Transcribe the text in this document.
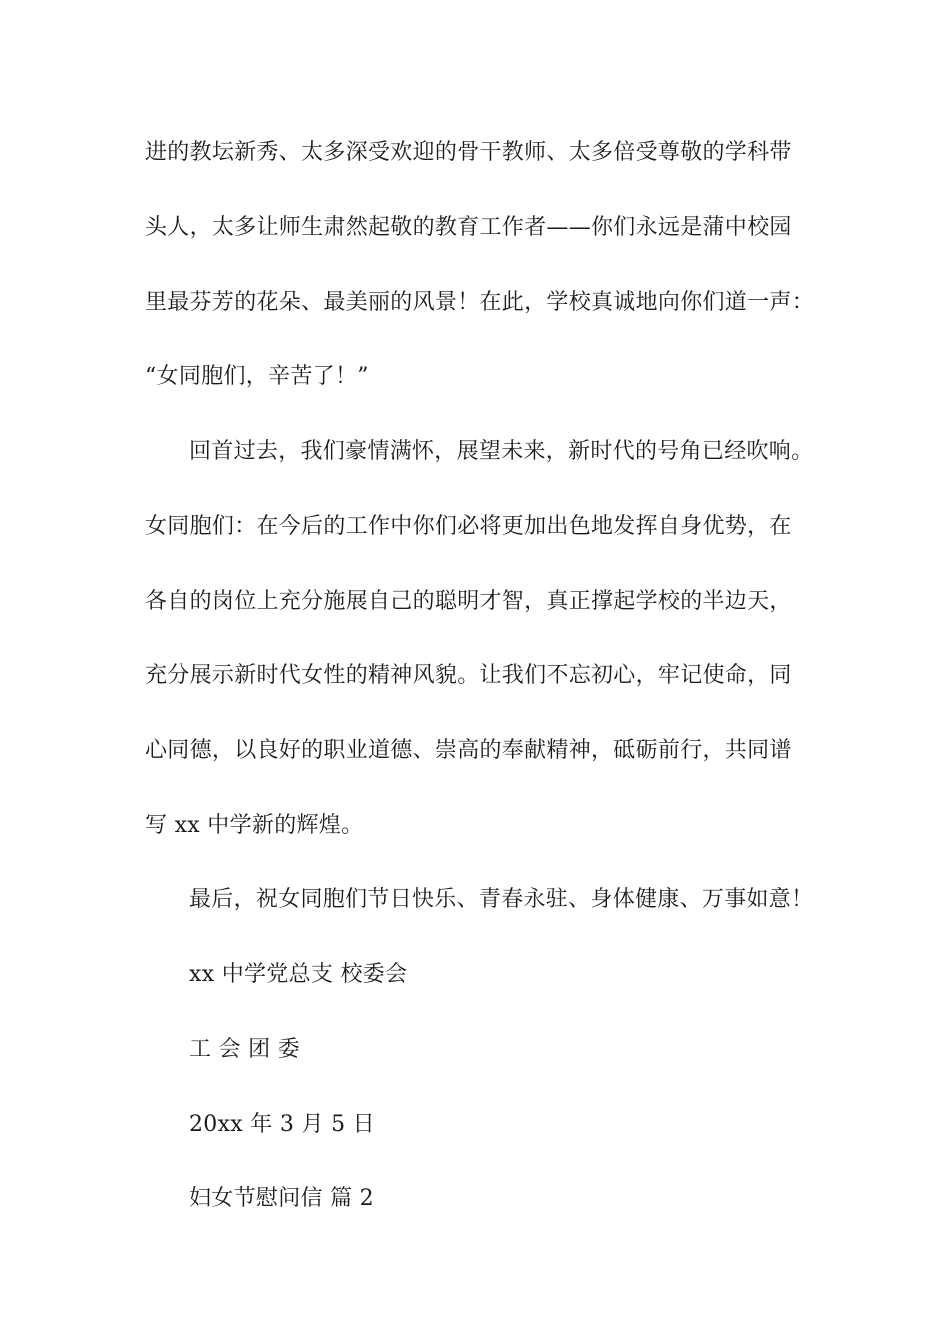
进的教坛新秀、太多深受欢迎的骨干教师、太多倍受尊敬的学科带
头人，太多让师生肃然起敬的教育工作者——你们永远是蒲中校园
里最芬芳的花朵、最美丽的风景！在此，学校真诚地向你们道一声：
“女同胞们，辛苦了！”
回首过去，我们豪情满怀，展望未来，新时代的号角已经吹响。
女同胞们：在今后的工作中你们必将更加出色地发挥自身优势，在
各自的岗位上充分施展自己的聪明才智，真正撑起学校的半边天，
充分展示新时代女性的精神风貌。让我们不忘初心，牢记使命，同
心同德，以良好的职业道德、崇高的奉献精神，砥砺前行，共同谱
写 xx 中学新的辉煌。
最后，祝女同胞们节日快乐、青春永驻、身体健康、万事如意！
xx 中学党总支 校委会
工 会 团 委
20xx 年 3 月 5 日
妇女节慰问信 篇 2
